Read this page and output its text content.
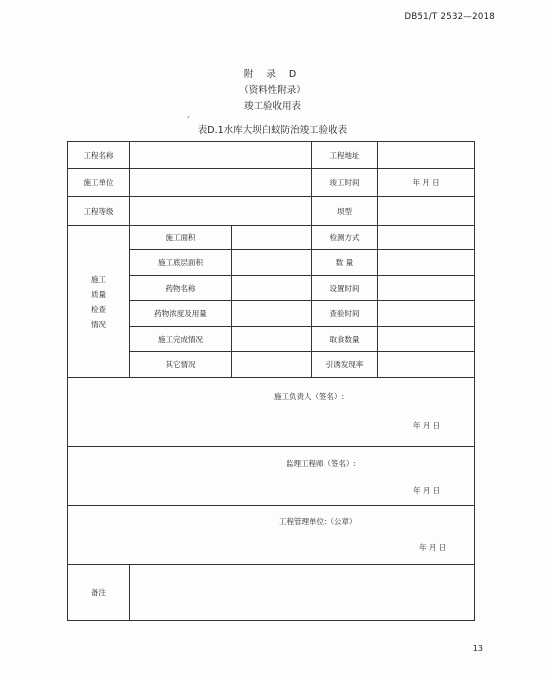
DB51/T 2532—2018
附 录 D
（资料性附录）
竣工验收用表
ˊ
表D.1水库大坝白蚁防治竣工验收表
工程名称			工程地址	
施工单位			竣工时间	年 月 日
工程等级			坝型	

施工
质量
检查
情况	施工面积		检测方式	
	施工底层面积		数 量	
	药物名称		设置时间	
	药物浓度及用量		查验时间	
	施工完成情况		取食数量	
	其它情况		引诱发现率	

施工负责人（签名）:
年 月 日				

监理工程师（签名）:
年 月 日				

工程管理单位:（公章）
年 月 日				

备注				
13
